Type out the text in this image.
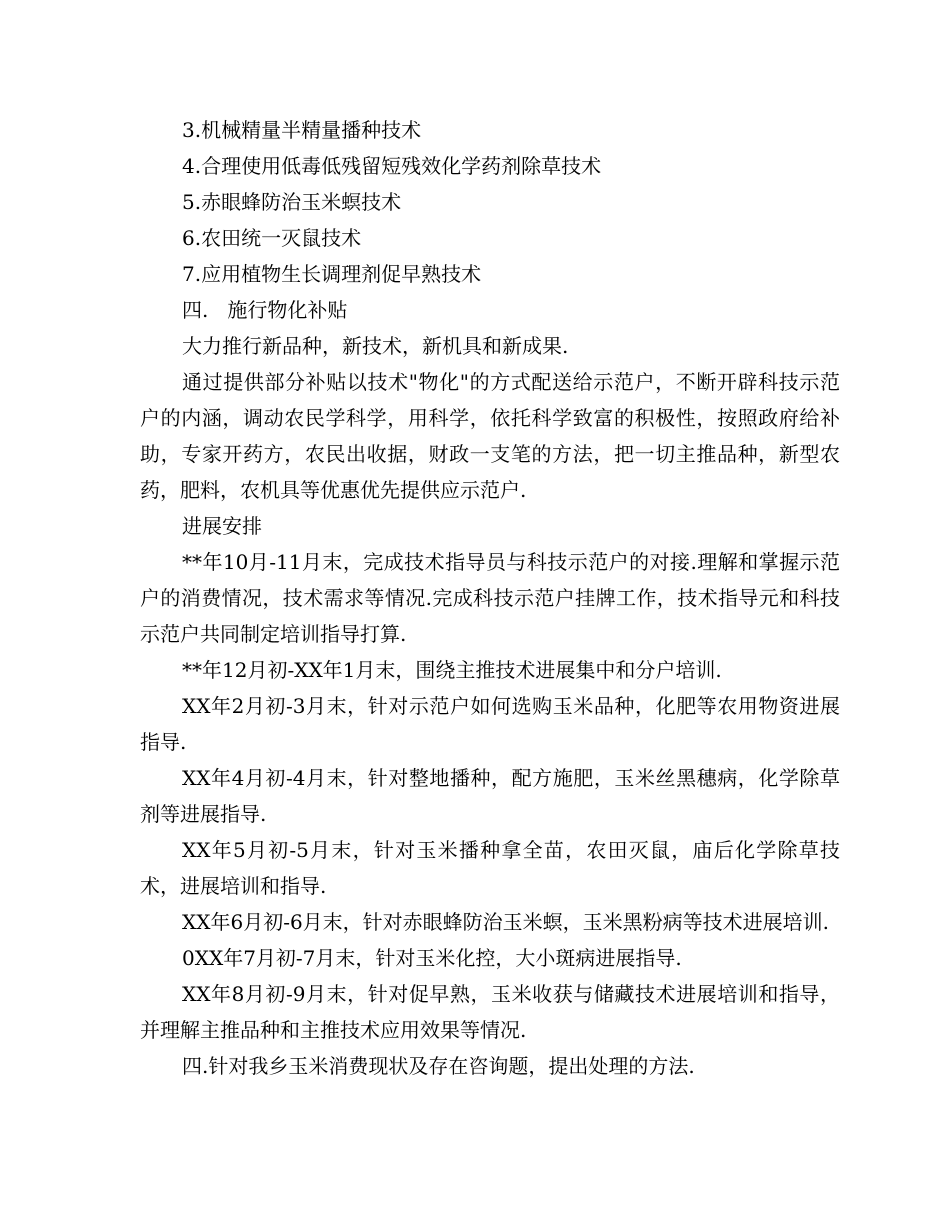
3.机械精量半精量播种技术

4.合理使用低毒低残留短残效化学药剂除草技术

5.赤眼蜂防治玉米螟技术

6.农田统一灭鼠技术

7.应用植物生长调理剂促早熟技术

四.   施行物化补贴

大力推行新品种，新技术，新机具和新成果.

通过提供部分补贴以技术"物化"的方式配送给示范户，不断开辟科技示范户的内涵，调动农民学科学，用科学，依托科学致富的积极性，按照政府给补助，专家开药方，农民出收据，财政一支笔的方法，把一切主推品种，新型农药，肥料，农机具等优惠优先提供应示范户.

进展安排

**年10月-11月末，完成技术指导员与科技示范户的对接.理解和掌握示范户的消费情况，技术需求等情况.完成科技示范户挂牌工作，技术指导元和科技示范户共同制定培训指导打算.

**年12月初-XX年1月末，围绕主推技术进展集中和分户培训.

XX年2月初-3月末，针对示范户如何选购玉米品种，化肥等农用物资进展指导.

XX年4月初-4月末，针对整地播种，配方施肥，玉米丝黑穗病，化学除草剂等进展指导.

XX年5月初-5月末，针对玉米播种拿全苗，农田灭鼠，庙后化学除草技术，进展培训和指导.

XX年6月初-6月末，针对赤眼蜂防治玉米螟，玉米黑粉病等技术进展培训.

0XX年7月初-7月末，针对玉米化控，大小斑病进展指导.

XX年8月初-9月末，针对促早熟，玉米收获与储藏技术进展培训和指导，并理解主推品种和主推技术应用效果等情况.

四.针对我乡玉米消费现状及存在咨询题，提出处理的方法.
